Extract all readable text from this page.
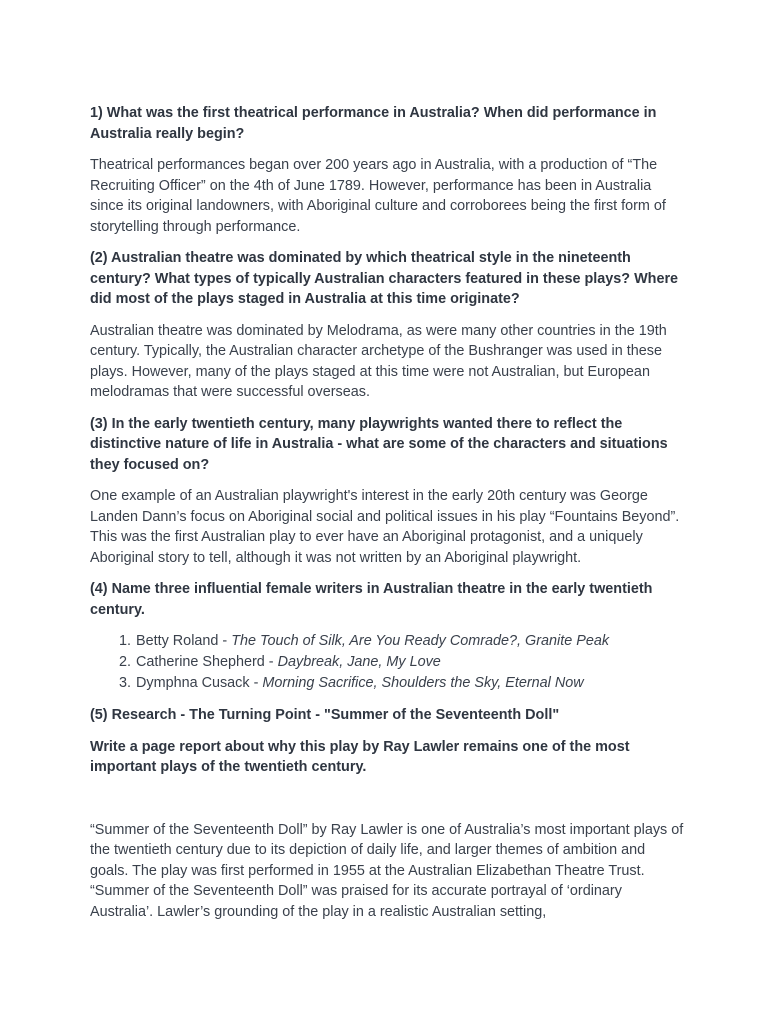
1) What was the first theatrical performance in Australia? When did performance in Australia really begin?

Theatrical performances began over 200 years ago in Australia, with a production of “The Recruiting Officer” on the 4th of June 1789. However, performance has been in Australia since its original landowners, with Aboriginal culture and corroborees being the first form of storytelling through performance.

(2) Australian theatre was dominated by which theatrical style in the nineteenth century? What types of typically Australian characters featured in these plays? Where did most of the plays staged in Australia at this time originate?

Australian theatre was dominated by Melodrama, as were many other countries in the 19th century. Typically, the Australian character archetype of the Bushranger was used in these plays. However, many of the plays staged at this time were not Australian, but European melodramas that were successful overseas.

(3) In the early twentieth century, many playwrights wanted there to reflect the distinctive nature of life in Australia - what are some of the characters and situations they focused on?

One example of an Australian playwright's interest in the early 20th century was George Landen Dann’s focus on Aboriginal social and political issues in his play “Fountains Beyond”. This was the first Australian play to ever have an Aboriginal protagonist, and a uniquely Aboriginal story to tell, although it was not written by an Aboriginal playwright.

(4) Name three influential female writers in Australian theatre in the early twentieth century.

1. Betty Roland - The Touch of Silk, Are You Ready Comrade?, Granite Peak
2. Catherine Shepherd - Daybreak, Jane, My Love
3. Dymphna Cusack - Morning Sacrifice, Shoulders the Sky, Eternal Now

(5) Research - The Turning Point - "Summer of the Seventeenth Doll"

Write a page report about why this play by Ray Lawler remains one of the most important plays of the twentieth century.

“Summer of the Seventeenth Doll” by Ray Lawler is one of Australia’s most important plays of the twentieth century due to its depiction of daily life, and larger themes of ambition and goals. The play was first performed in 1955 at the Australian Elizabethan Theatre Trust. “Summer of the Seventeenth Doll” was praised for its accurate portrayal of ‘ordinary Australia’. Lawler’s grounding of the play in a realistic Australian setting,
